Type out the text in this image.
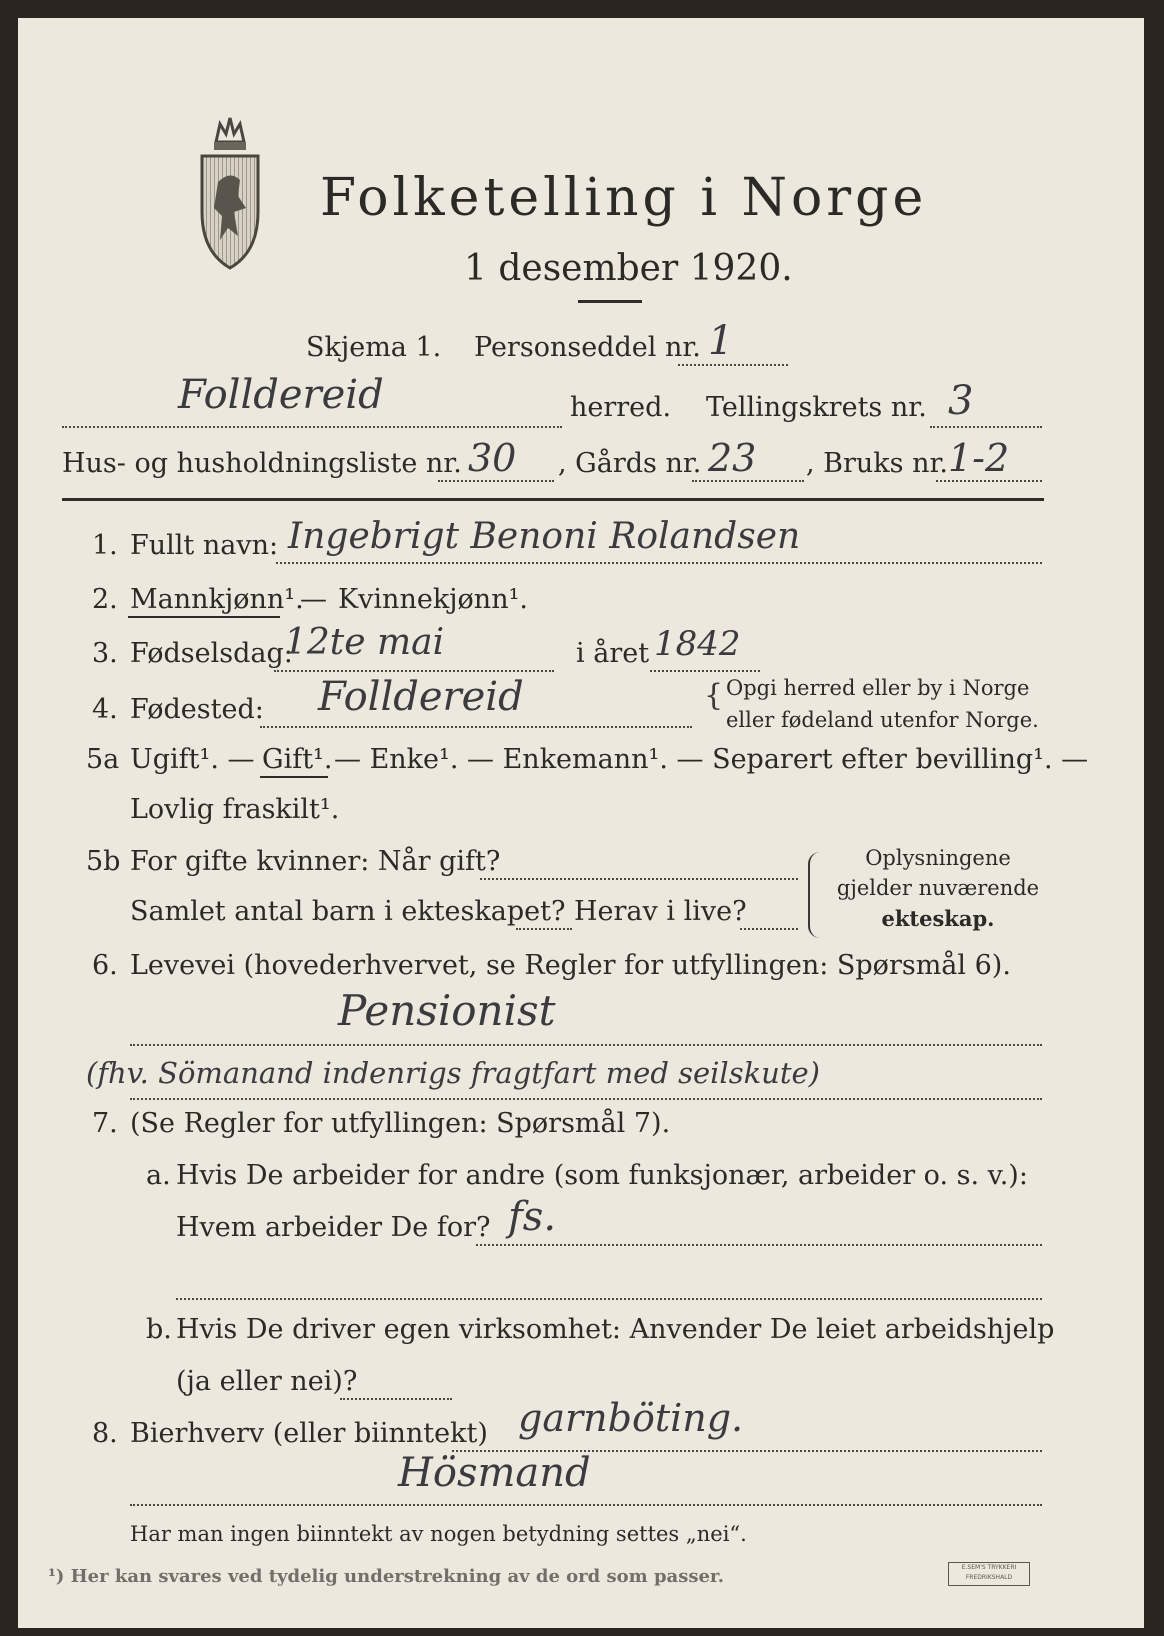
Folketelling i Norge
1 desember 1920.
Skjema 1. Personseddel nr. 1
Folldereid	herred. Tellingskrets nr. 3
Hus- og husholdningsliste nr. 30 , Gårds nr. 23 , Bruks nr. 1-2
1. Fullt navn: Ingebrigt Benoni Rolandsen
2. Mannkjønn¹.
— Kvinnekjønn¹.
3. Fødselsdag:
12te mai	i året 1842
4. Fødested: Folldereid	{ Opgi herred eller by i Norge
eller fødeland utenfor Norge.
5a Ugift¹. — Gift¹. — Enke¹. — Enkemann¹. — Separert efter bevilling¹. —
Lovlig fraskilt¹.
5b For gifte kvinner: Når gift?
Samlet antal barn i ekteskapet? Herav i live?
Oplysningene
gjelder nuværende
ekteskap.
6. Levevei (hovederhvervet, se Regler for utfyllingen: Spørsmål 6).
Pensionist
(fhv. Sömanand indenrigs fragtfart med seilskute)
7. (Se Regler for utfyllingen: Spørsmål 7).
a. Hvis De arbeider for andre (som funksjonær, arbeider o. s. v.):
Hvem arbeider De for? fs.
b. Hvis De driver egen virksomhet: Anvender De leiet arbeidshjelp
(ja eller nei)?
8. Bierhverv (eller biinntekt) garnböting.
Hösmand
Har man ingen biinntekt av nogen betydning settes „nei“.
¹) Her kan svares ved tydelig understrekning av de ord som passer.	E.SEM'S TRYKKERI FREDRIKSHALD
